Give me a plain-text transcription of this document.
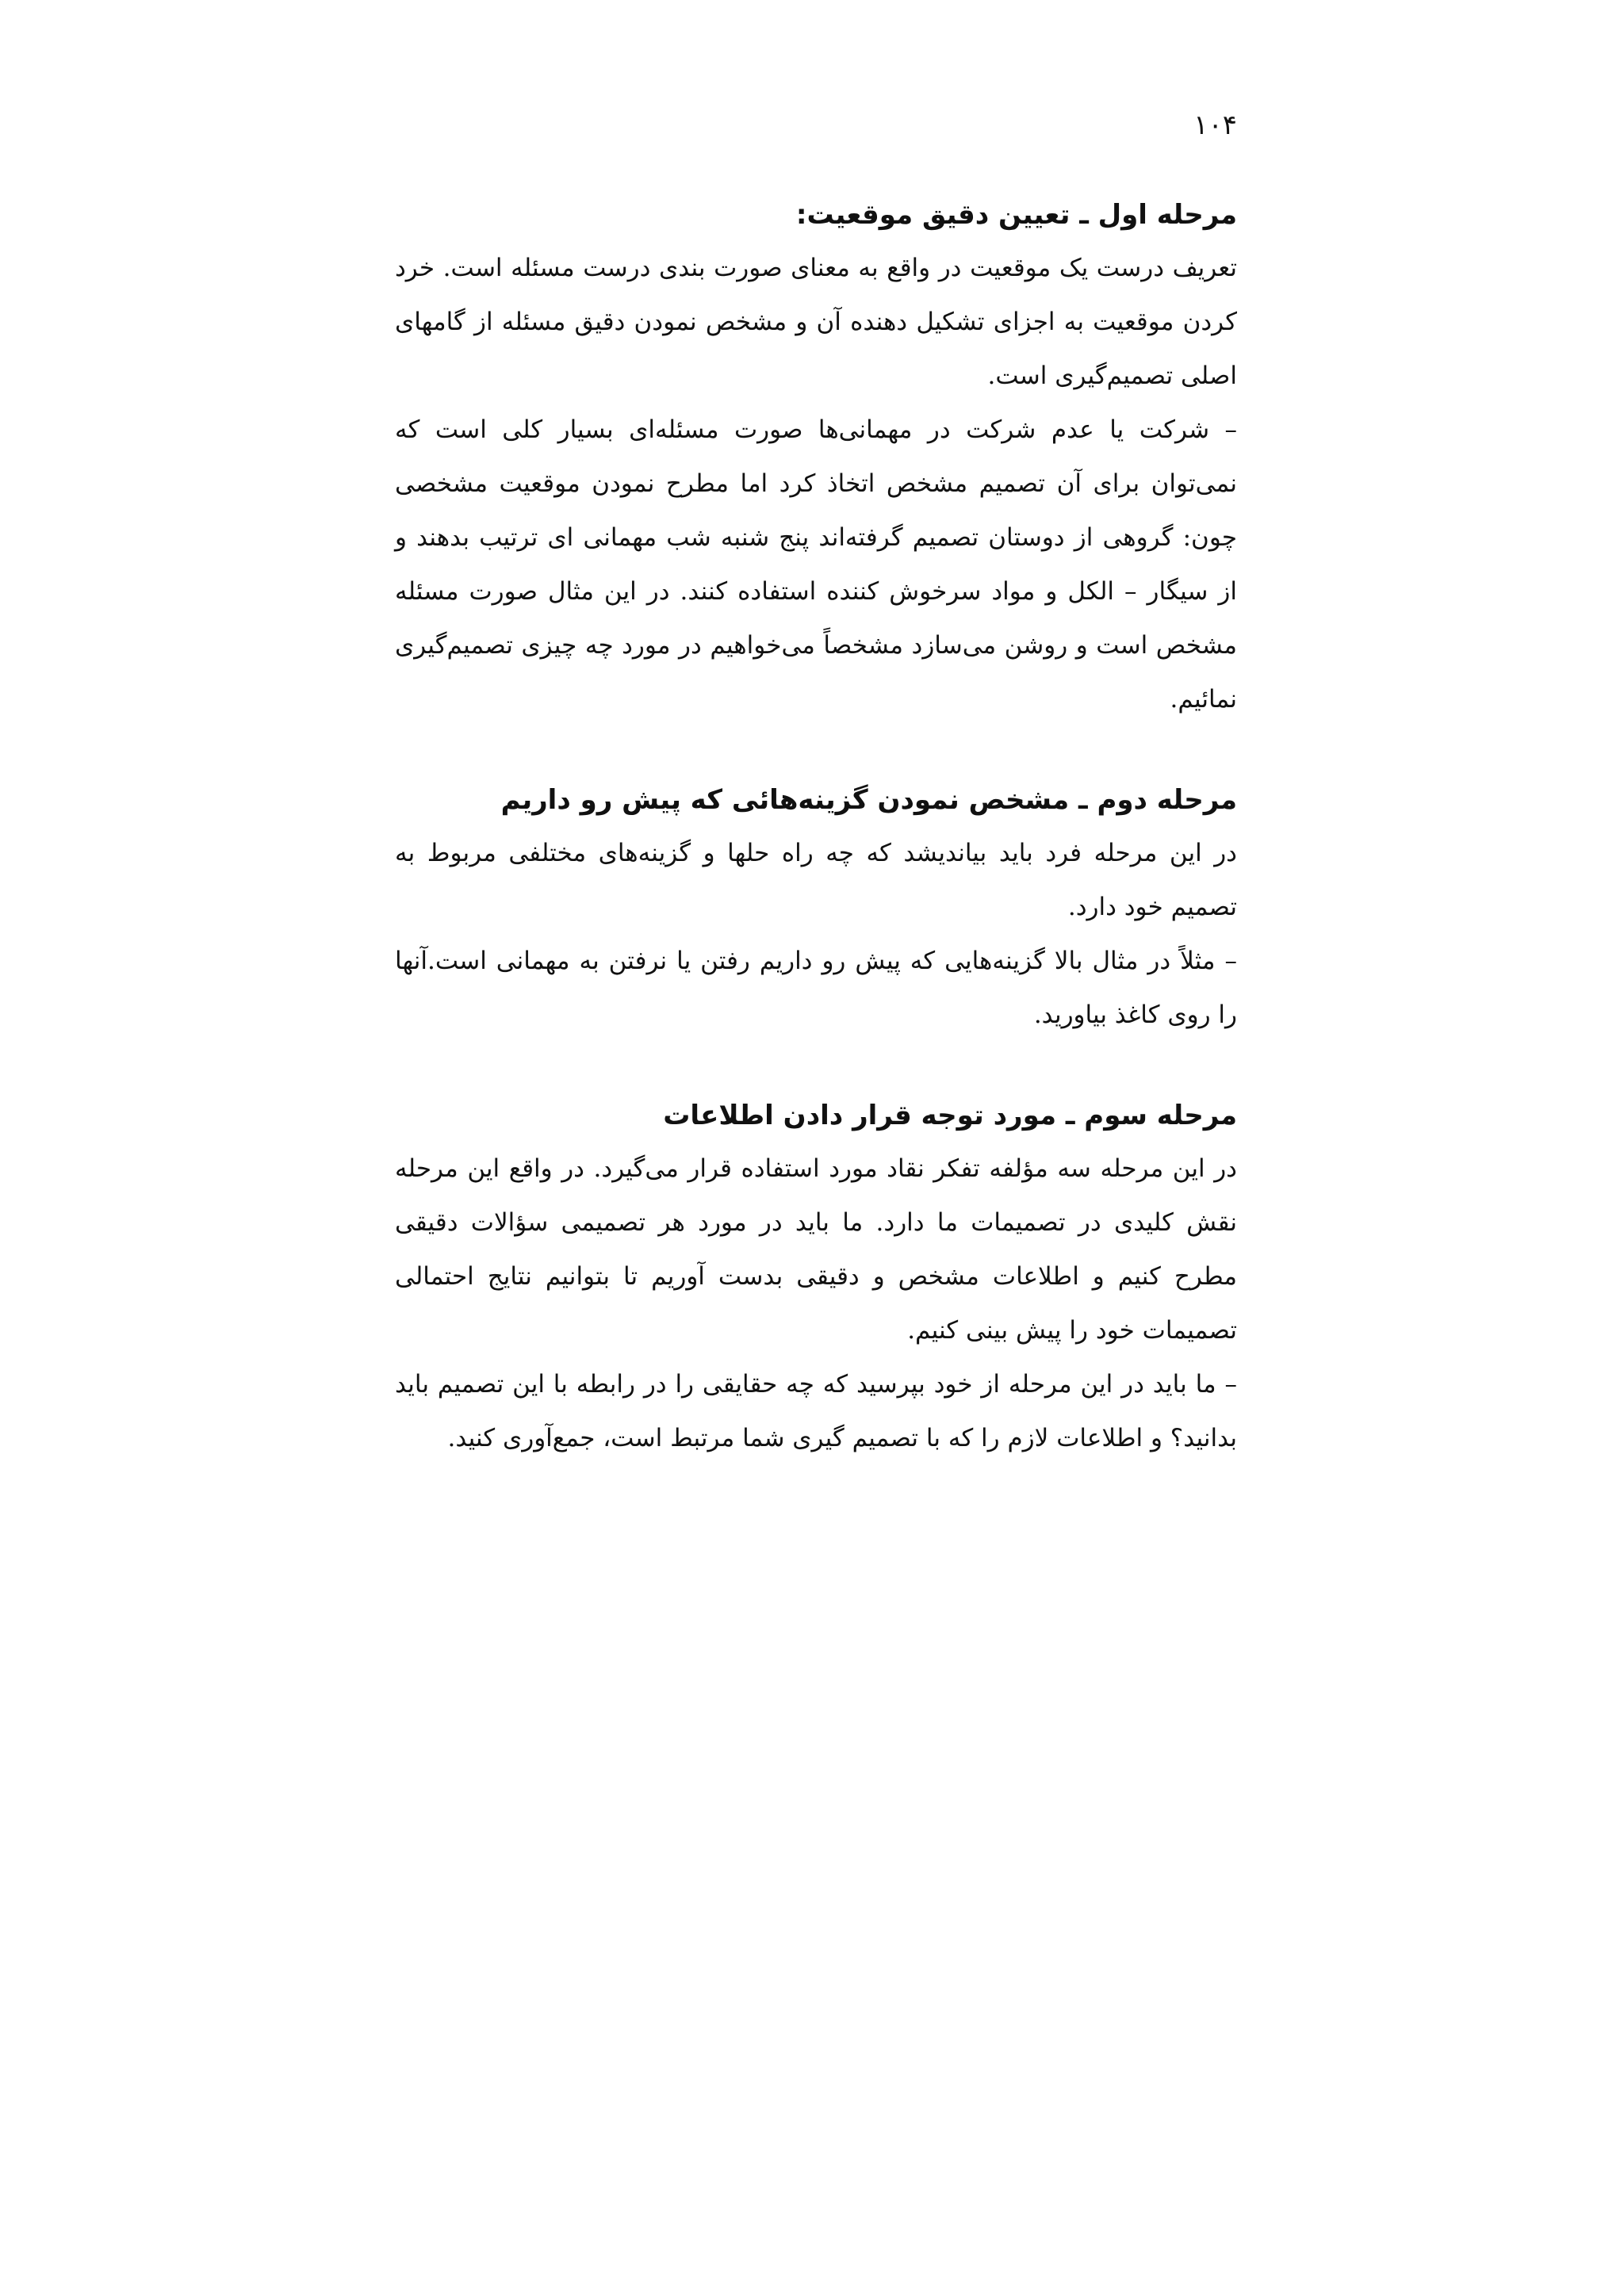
۱۰۴
مرحله اول ـ تعیین دقیق موقعیت:

تعریف درست یک موقعیت در واقع به معنای صورت بندی درست مسئله است. خرد کردن موقعیت به اجزای تشکیل دهنده آن و مشخص نمودن دقیق مسئله از گامهای اصلی تصمیم‌گیری است.

– شرکت یا عدم شرکت در مهمانی‌ها صورت مسئله‌ای بسیار کلی است که نمی‌توان برای آن تصمیم مشخص اتخاذ کرد اما مطرح نمودن موقعیت مشخصی چون: گروهی از دوستان تصمیم گرفته‌اند پنج شنبه شب مهمانی ای ترتیب بدهند و از سیگار – الکل و مواد سرخوش کننده استفاده کنند. در این مثال صورت مسئله مشخص است و روشن می‌سازد مشخصاً می‌خواهیم در مورد چه چیزی تصمیم‌گیری نمائیم.

مرحله دوم ـ مشخص نمودن گزینه‌هائی که پیش رو داریم

در این مرحله فرد باید بیاندیشد که چه راه حلها و گزینه‌های مختلفی مربوط به تصمیم خود دارد.

– مثلاً در مثال بالا گزینه‌هایی که پیش رو داریم رفتن یا نرفتن به مهمانی است.آنها را روی کاغذ بیاورید.

مرحله سوم ـ مورد توجه قرار دادن اطلاعات

در این مرحله سه مؤلفه تفکر نقاد مورد استفاده قرار می‌گیرد. در واقع این مرحله نقش کلیدی در تصمیمات ما دارد. ما باید در مورد هر تصمیمی سؤالات دقیقی مطرح کنیم و اطلاعات مشخص و دقیقی بدست آوریم تا بتوانیم نتایج احتمالی تصمیمات خود را پیش بینی کنیم.

– ما باید در این مرحله از خود بپرسید که چه حقایقی را در رابطه با این تصمیم باید بدانید؟ و اطلاعات لازم را که با تصمیم گیری شما مرتبط است، جمع‌آوری کنید.
